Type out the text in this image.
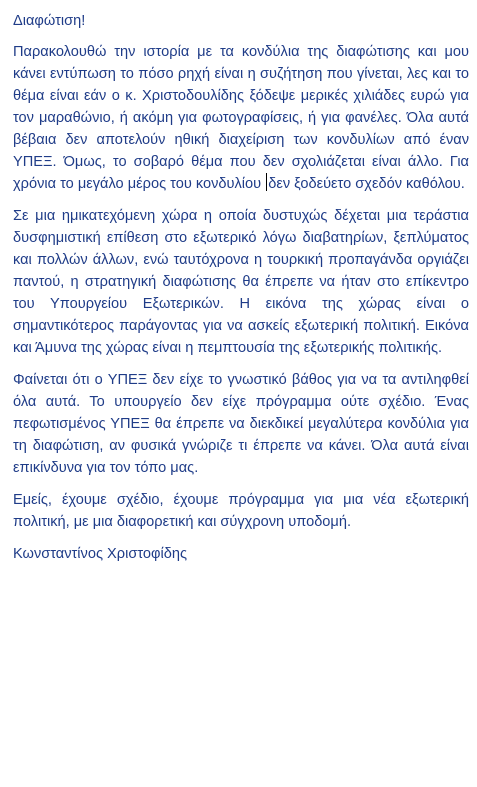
Διαφώτιση!

Παρακολουθώ την ιστορία με τα κονδύλια της διαφώτισης και μου κάνει εντύπωση το πόσο ρηχή είναι η συζήτηση που γίνεται, λες και το θέμα είναι εάν ο κ. Χριστοδουλίδης ξόδεψε μερικές χιλιάδες ευρώ για τον μαραθώνιο, ή ακόμη για φωτογραφίσεις, ή για φανέλες. Όλα αυτά βέβαια δεν αποτελούν ηθική διαχείριση των κονδυλίων από έναν ΥΠΕΞ. Όμως, το σοβαρό θέμα που δεν σχολιάζεται είναι άλλο. Για χρόνια το μεγάλο μέρος του κονδυλίου δεν ξοδεύετο σχεδόν καθόλου.

Σε μια ημικατεχόμενη χώρα η οποία δυστυχώς δέχεται μια τεράστια δυσφημιστική επίθεση στο εξωτερικό λόγω διαβατηρίων, ξεπλύματος και πολλών άλλων, ενώ ταυτόχρονα η τουρκική προπαγάνδα οργιάζει παντού, η στρατηγική διαφώτισης θα έπρεπε να ήταν στο επίκεντρο του Υπουργείου Εξωτερικών. Η εικόνα της χώρας είναι ο σημαντικότερος παράγοντας για να ασκείς εξωτερική πολιτική. Εικόνα και Άμυνα της χώρας είναι η πεμπτουσία της εξωτερικής πολιτικής.

Φαίνεται ότι ο ΥΠΕΞ δεν είχε το γνωστικό βάθος για να τα αντιληφθεί όλα αυτά. Το υπουργείο δεν είχε πρόγραμμα ούτε σχέδιο. Ένας πεφωτισμένος ΥΠΕΞ θα έπρεπε να διεκδικεί μεγαλύτερα κονδύλια για τη διαφώτιση, αν φυσικά γνώριζε τι έπρεπε να κάνει. Όλα αυτά είναι επικίνδυνα για τον τόπο μας.

Εμείς, έχουμε σχέδιο, έχουμε πρόγραμμα για μια νέα εξωτερική πολιτική, με μια διαφορετική και σύγχρονη υποδομή.

Κωνσταντίνος Χριστοφίδης
